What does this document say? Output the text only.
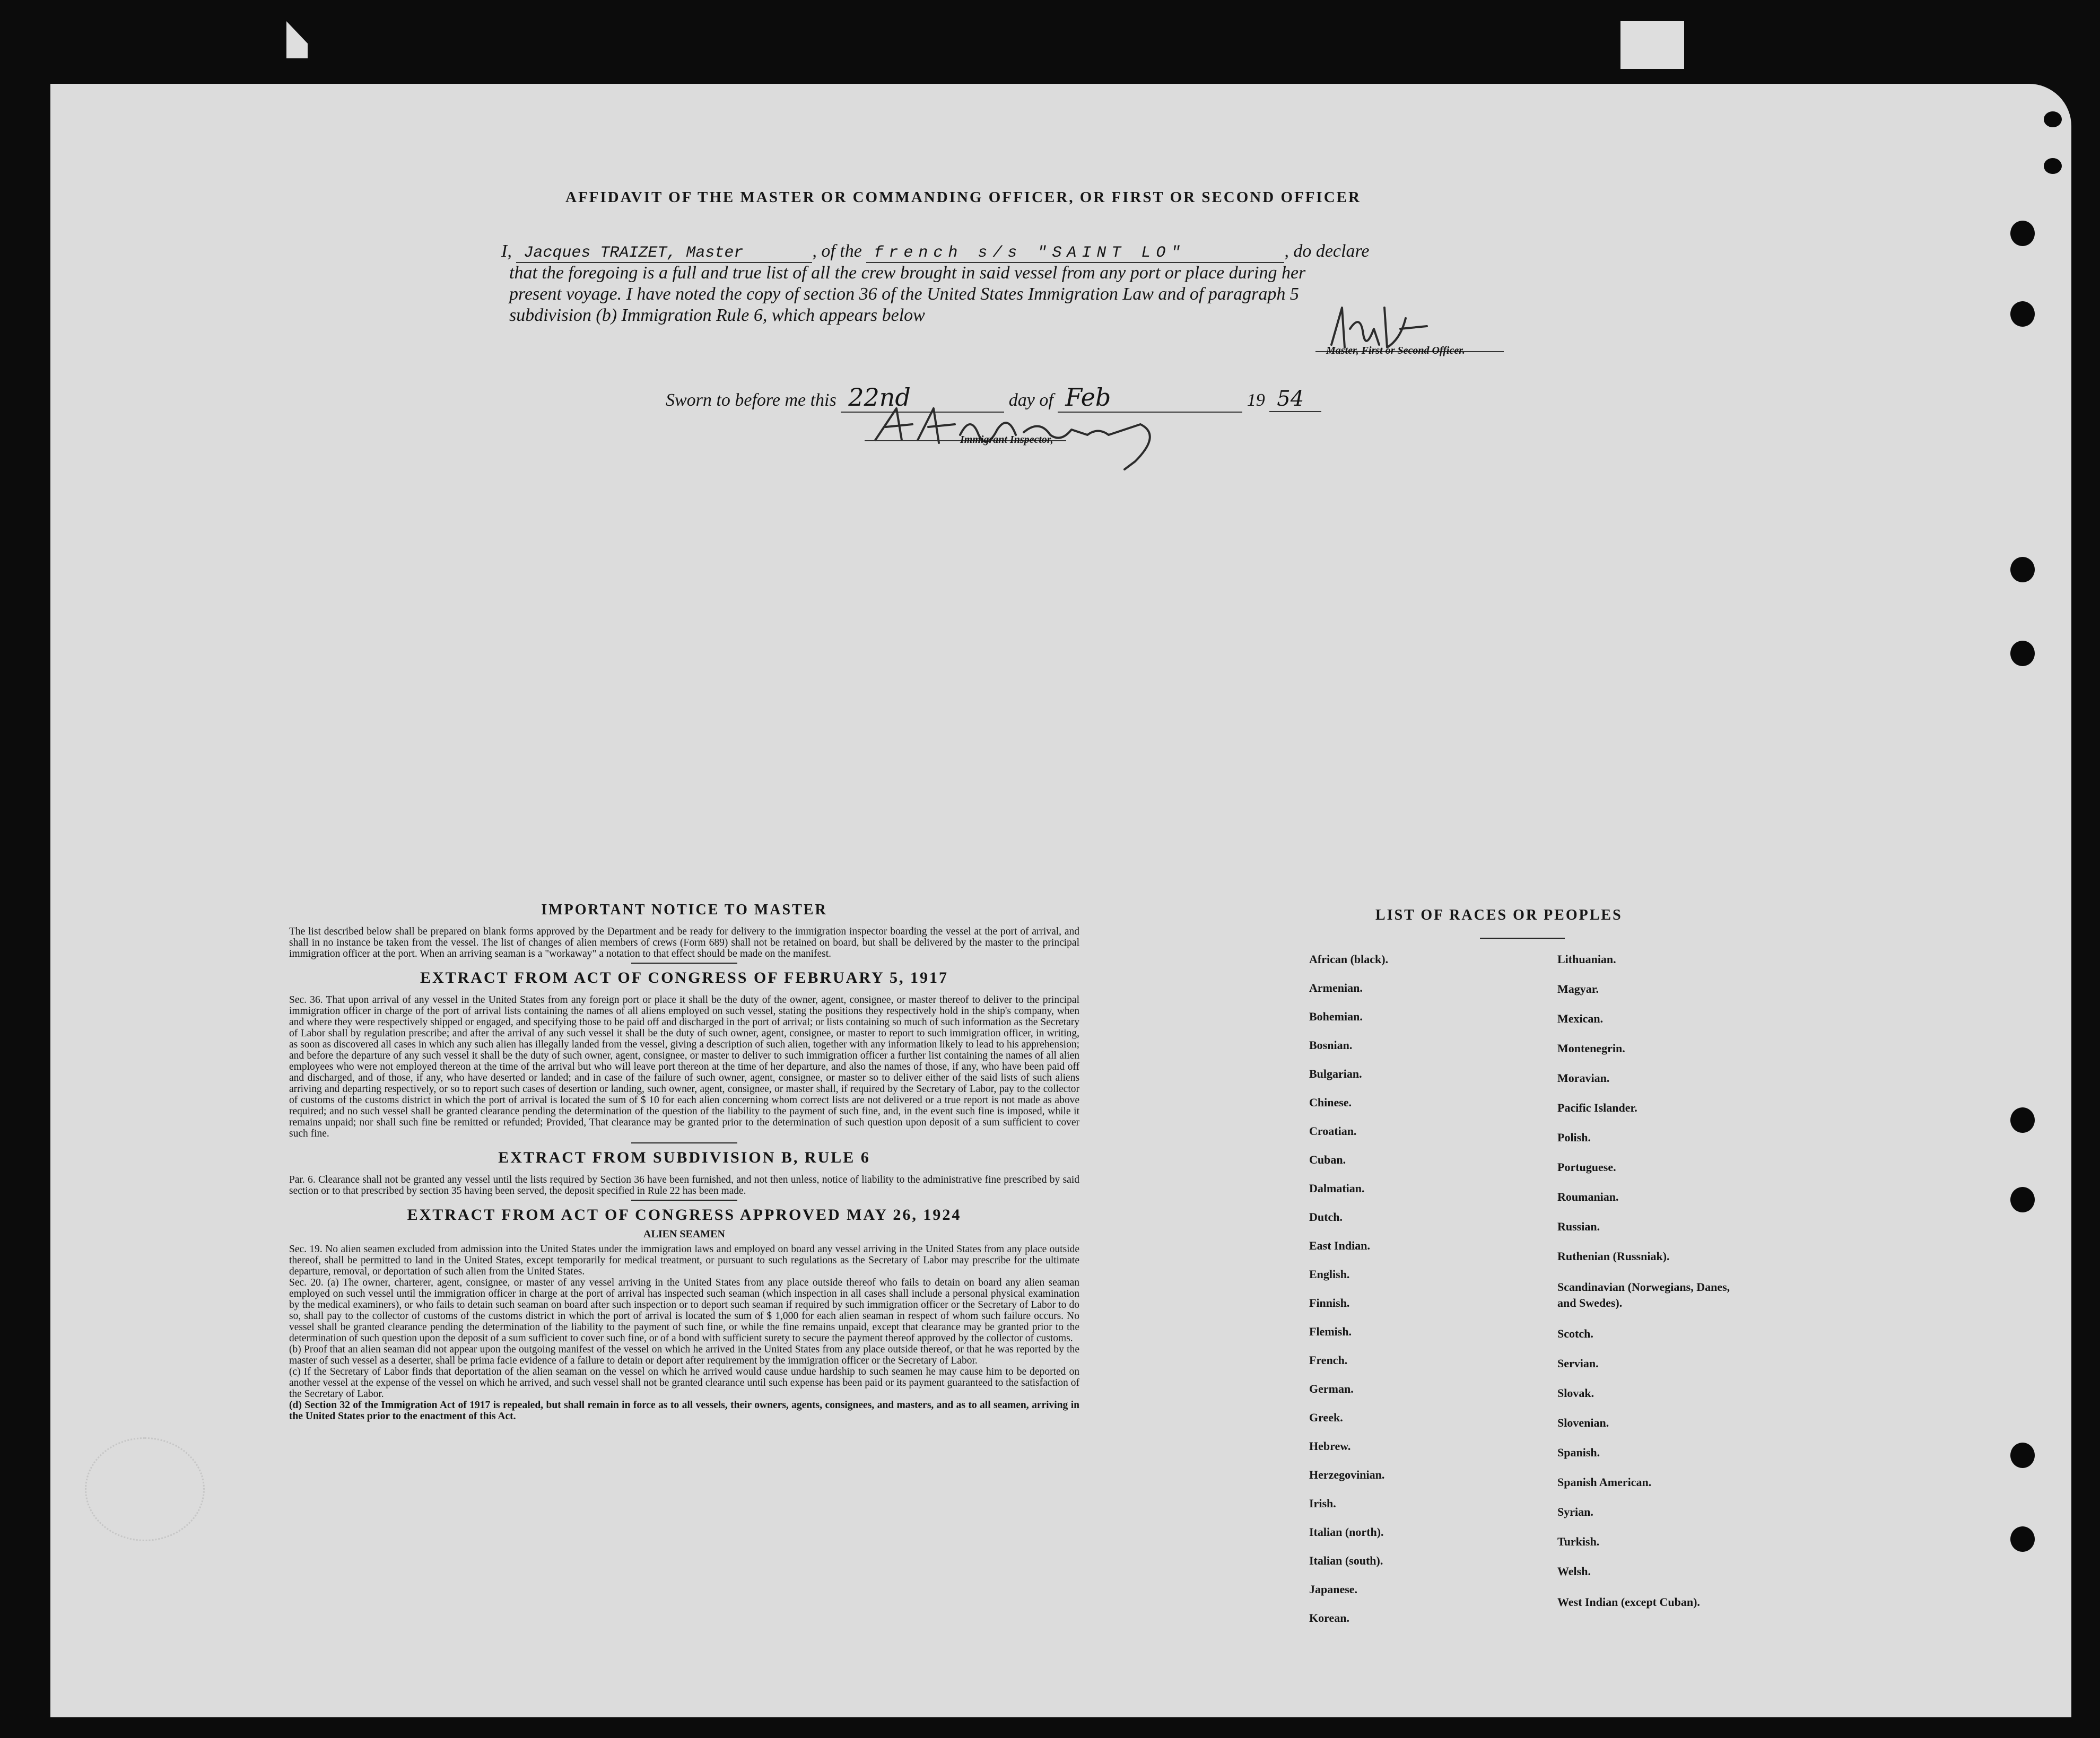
AFFIDAVIT OF THE MASTER OR COMMANDING OFFICER, OR FIRST OR SECOND OFFICER
I, Jacques TRAIZET, Master	, of the french s/s "SAINT LO"	, do declare
that the foregoing is a full and true list of all the crew brought in said vessel from any port or place during her
present voyage. I have noted the copy of section 36 of the United States Immigration Law and of paragraph 5
subdivision (b) Immigration Rule 6, which appears below
Master, First or Second Officer.
Sworn to before me this 22nd	day of Feb	19 54
Immigrant Inspector,
IMPORTANT NOTICE TO MASTER

The list described below shall be prepared on blank forms approved by the Department and be ready for delivery to the immigration inspector boarding the vessel at the port of arrival, and shall in no instance be taken from the vessel. The list of changes of alien members of crews (Form 689) shall not be retained on board, but shall be delivered by the master to the principal immigration officer at the port. When an arriving seaman is a "workaway" a notation to that effect should be made on the manifest.

EXTRACT FROM ACT OF CONGRESS OF FEBRUARY 5, 1917

Sec. 36. That upon arrival of any vessel in the United States from any foreign port or place it shall be the duty of the owner, agent, consignee, or master thereof to deliver to the principal immigration officer in charge of the port of arrival lists containing the names of all aliens employed on such vessel, stating the positions they respectively hold in the ship's company, when and where they were respectively shipped or engaged, and specifying those to be paid off and discharged in the port of arrival; or lists containing so much of such information as the Secretary of Labor shall by regulation prescribe; and after the arrival of any such vessel it shall be the duty of such owner, agent, consignee, or master to report to such immigration officer, in writing, as soon as discovered all cases in which any such alien has illegally landed from the vessel, giving a description of such alien, together with any information likely to lead to his apprehension; and before the departure of any such vessel it shall be the duty of such owner, agent, consignee, or master to deliver to such immigration officer a further list containing the names of all alien employees who were not employed thereon at the time of the arrival but who will leave port thereon at the time of her departure, and also the names of those, if any, who have been paid off and discharged, and of those, if any, who have deserted or landed; and in case of the failure of such owner, agent, consignee, or master so to deliver either of the said lists of such aliens arriving and departing respectively, or so to report such cases of desertion or landing, such owner, agent, consignee, or master shall, if required by the Secretary of Labor, pay to the collector of customs of the customs district in which the port of arrival is located the sum of $ 10 for each alien concerning whom correct lists are not delivered or a true report is not made as above required; and no such vessel shall be granted clearance pending the determination of the question of the liability to the payment of such fine, and, in the event such fine is imposed, while it remains unpaid; nor shall such fine be remitted or refunded; Provided, That clearance may be granted prior to the determination of such question upon deposit of a sum sufficient to cover such fine.

EXTRACT FROM SUBDIVISION B, RULE 6

Par. 6. Clearance shall not be granted any vessel until the lists required by Section 36 have been furnished, and not then unless, notice of liability to the administrative fine prescribed by said section or to that prescribed by section 35 having been served, the deposit specified in Rule 22 has been made.

EXTRACT FROM ACT OF CONGRESS APPROVED MAY 26, 1924
ALIEN SEAMEN

Sec. 19. No alien seamen excluded from admission into the United States under the immigration laws and employed on board any vessel arriving in the United States from any place outside thereof, shall be permitted to land in the United States, except temporarily for medical treatment, or pursuant to such regulations as the Secretary of Labor may prescribe for the ultimate departure, removal, or deportation of such alien from the United States.

Sec. 20. (a) The owner, charterer, agent, consignee, or master of any vessel arriving in the United States from any place outside thereof who fails to detain on board any alien seaman employed on such vessel until the immigration officer in charge at the port of arrival has inspected such seaman (which inspection in all cases shall include a personal physical examination by the medical examiners), or who fails to detain such seaman on board after such inspection or to deport such seaman if required by such immigration officer or the Secretary of Labor to do so, shall pay to the collector of customs of the customs district in which the port of arrival is located the sum of $ 1,000 for each alien seaman in respect of whom such failure occurs. No vessel shall be granted clearance pending the determination of the liability to the payment of such fine, or while the fine remains unpaid, except that clearance may be granted prior to the determination of such question upon the deposit of a sum sufficient to cover such fine, or of a bond with sufficient surety to secure the payment thereof approved by the collector of customs.

(b) Proof that an alien seaman did not appear upon the outgoing manifest of the vessel on which he arrived in the United States from any place outside thereof, or that he was reported by the master of such vessel as a deserter, shall be prima facie evidence of a failure to detain or deport after requirement by the immigration officer or the Secretary of Labor.

(c) If the Secretary of Labor finds that deportation of the alien seaman on the vessel on which he arrived would cause undue hardship to such seamen he may cause him to be deported on another vessel at the expense of the vessel on which he arrived, and such vessel shall not be granted clearance until such expense has been paid or its payment guaranteed to the satisfaction of the Secretary of Labor.

(d) Section 32 of the Immigration Act of 1917 is repealed, but shall remain in force as to all vessels, their owners, agents, consignees, and masters, and as to all seamen, arriving in the United States prior to the enactment of this Act.

LIST OF RACES OR PEOPLES
African (black).
Armenian.
Bohemian.
Bosnian.
Bulgarian.
Chinese.
Croatian.
Cuban.
Dalmatian.
Dutch.
East Indian.
English.
Finnish.
Flemish.
French.
German.
Greek.
Hebrew.
Herzegovinian.
Irish.
Italian (north).
Italian (south).
Japanese.
Korean.
Lithuanian.
Magyar.
Mexican.
Montenegrin.
Moravian.
Pacific Islander.
Polish.
Portuguese.
Roumanian.
Russian.
Ruthenian (Russniak).
Scandinavian (Norwegians, Danes, and Swedes).
Scotch.
Servian.
Slovak.
Slovenian.
Spanish.
Spanish American.
Syrian.
Turkish.
Welsh.
West Indian (except Cuban).
